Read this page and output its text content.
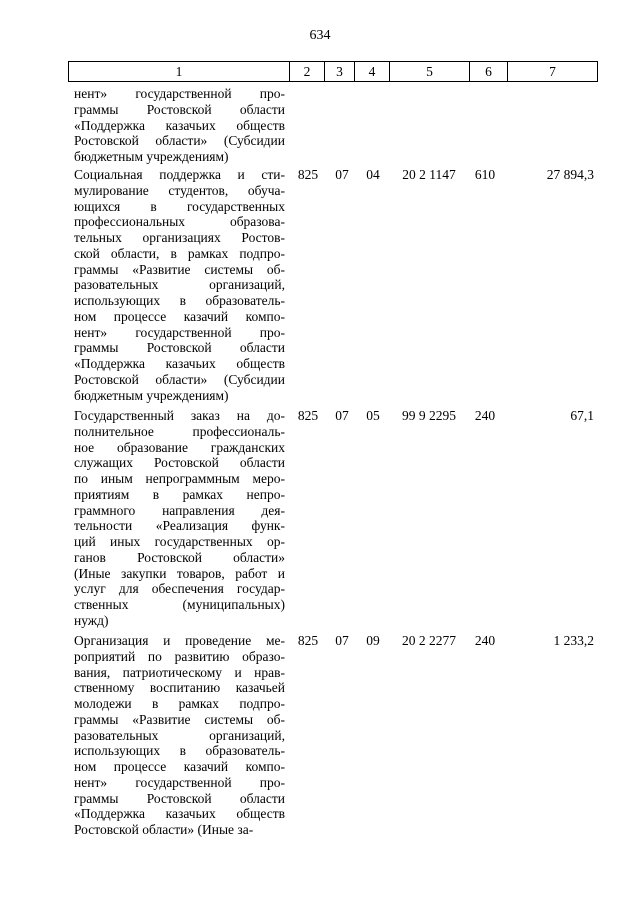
634
1	2	3	4	5	6	7
нент» государственной про-
граммы Ростовской области
«Поддержка казачьих обществ
Ростовской области» (Субсидии
бюджетным учреждениям)
Социальная поддержка и сти-
мулирование студентов, обуча-
ющихся в государственных
профессиональных образова-
тельных организациях Ростов-
ской области, в рамках подпро-
граммы «Развитие системы об-
разовательных организаций,
использующих в образователь-
ном процессе казачий компо-
нент» государственной про-
граммы Ростовской области
«Поддержка казачьих обществ
Ростовской области» (Субсидии
бюджетным учреждениям)
825	07	04	20 2 1147	610	27 894,3
Государственный заказ на до-
полнительное профессиональ-
ное образование гражданских
служащих Ростовской области
по иным непрограммным меро-
приятиям в рамках непро-
граммного направления дея-
тельности «Реализация функ-
ций иных государственных ор-
ганов Ростовской области»
(Иные закупки товаров, работ и
услуг для обеспечения государ-
ственных (муниципальных)
нужд)
825	07	05	99 9 2295	240	67,1
Организация и проведение ме-
роприятий по развитию образо-
вания, патриотическому и нрав-
ственному воспитанию казачьей
молодежи в рамках подпро-
граммы «Развитие системы об-
разовательных организаций,
использующих в образователь-
ном процессе казачий компо-
нент» государственной про-
граммы Ростовской области
«Поддержка казачьих обществ
Ростовской области» (Иные за-
825	07	09	20 2 2277	240	1 233,2
